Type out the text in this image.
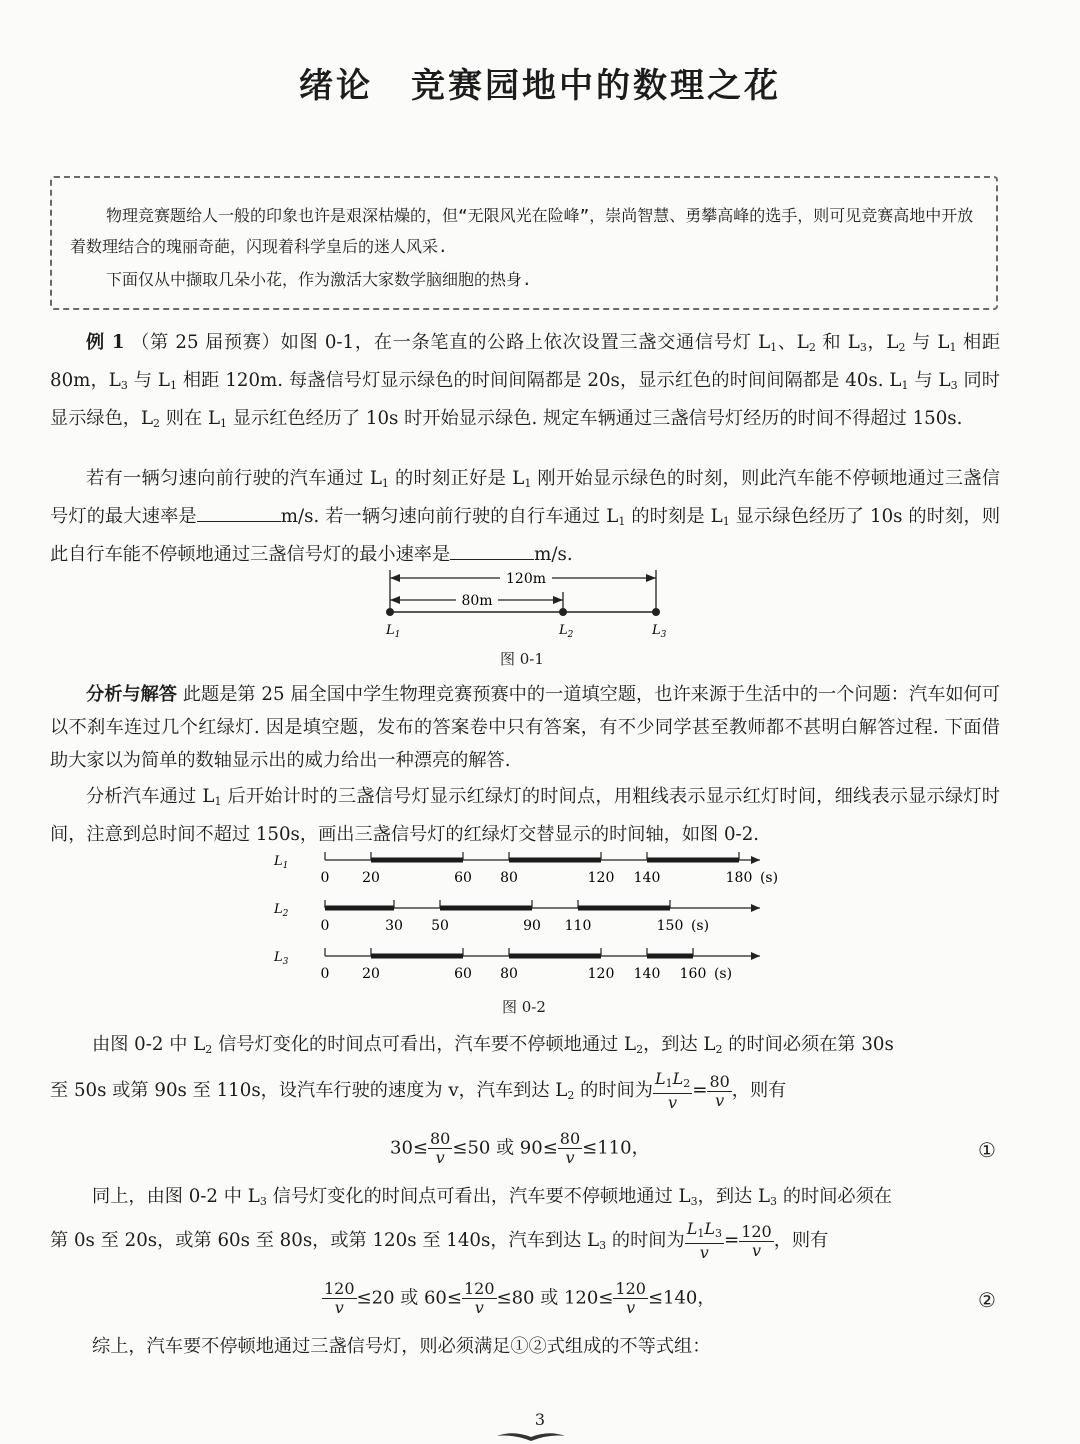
绪论 竞赛园地中的数理之花

物理竞赛题给人一般的印象也许是艰深枯燥的，但“无限风光在险峰”，崇尚智慧、勇攀高峰的选手，则可见竞赛高地中开放着数理结合的瑰丽奇葩，闪现着科学皇后的迷人风采.

下面仅从中撷取几朵小花，作为激活大家数学脑细胞的热身.

例 1 （第 25 届预赛）如图 0-1，在一条笔直的公路上依次设置三盏交通信号灯 $L_1$、$L_2$ 和 $L_3$，$L_2$ 与 $L_1$ 相距 80m，$L_3$ 与 $L_1$ 相距 120m. 每盏信号灯显示绿色的时间间隔都是 20s，显示红色的时间间隔都是 40s. $L_1$ 与 $L_3$ 同时显示绿色，$L_2$ 则在 $L_1$ 显示红色经历了 10s 时开始显示绿色. 规定车辆通过三盏信号灯经历的时间不得超过 150s.

若有一辆匀速向前行驶的汽车通过 $L_1$ 的时刻正好是 $L_1$ 刚开始显示绿色的时刻，则此汽车能不停顿地通过三盏信号灯的最大速率是	m/s. 若一辆匀速向前行驶的自行车通过 $L_1$ 的时刻是 $L_1$ 显示绿色经历了 10s 的时刻，则此自行车能不停顿地通过三盏信号灯的最小速率是	m/s.

120m
80m
$L_1$	$L_2$	$L_3$
图 0-1

分析与解答 此题是第 25 届全国中学生物理竞赛预赛中的一道填空题，也许来源于生活中的一个问题：汽车如何可以不刹车连过几个红绿灯. 因是填空题，发布的答案卷中只有答案，有不少同学甚至教师都不甚明白解答过程. 下面借助大家以为简单的数轴显示出的威力给出一种漂亮的解答.

分析汽车通过 $L_1$ 后开始计时的三盏信号灯显示红绿灯的时间点，用粗线表示显示红灯时间，细线表示显示绿灯时间，注意到总时间不超过 150s，画出三盏信号灯的红绿灯交替显示的时间轴，如图 0-2.

$L_1$
0 20	60 80	120 140	180 (s)
$L_2$
0	30 50	90 110	150 (s)
$L_3$
0 20	60 80	120 140 160 (s)
图 0-2

由图 0-2 中 $L_2$ 信号灯变化的时间点可看出，汽车要不停顿地通过 $L_2$，到达 $L_2$ 的时间必须在第 30s

至 50s 或第 90s 至 110s，设汽车行驶的速度为 v，汽车到达 $L_2$ 的时间为 $\frac{L_1L_2}{v} = \frac{80}{v}$ ，则有
$30\le \frac{80}{v} \le 50$ 或 $90\le \frac{80}{v} \le 110$，	①

同上，由图 0-2 中 $L_3$ 信号灯变化的时间点可看出，汽车要不停顿地通过 $L_3$，到达 $L_3$ 的时间必须在

第 0s 至 20s，或第 60s 至 80s，或第 120s 至 140s，汽车到达 $L_3$ 的时间为 $\frac{L_1L_3}{v} = \frac{120}{v}$ ，则有
$\frac{120}{v} \le 20$ 或 $60\le \frac{120}{v} \le 80$ 或 $120\le \frac{120}{v} \le 140$，	②

综上，汽车要不停顿地通过三盏信号灯，则必须满足①②式组成的不等式组：

3
